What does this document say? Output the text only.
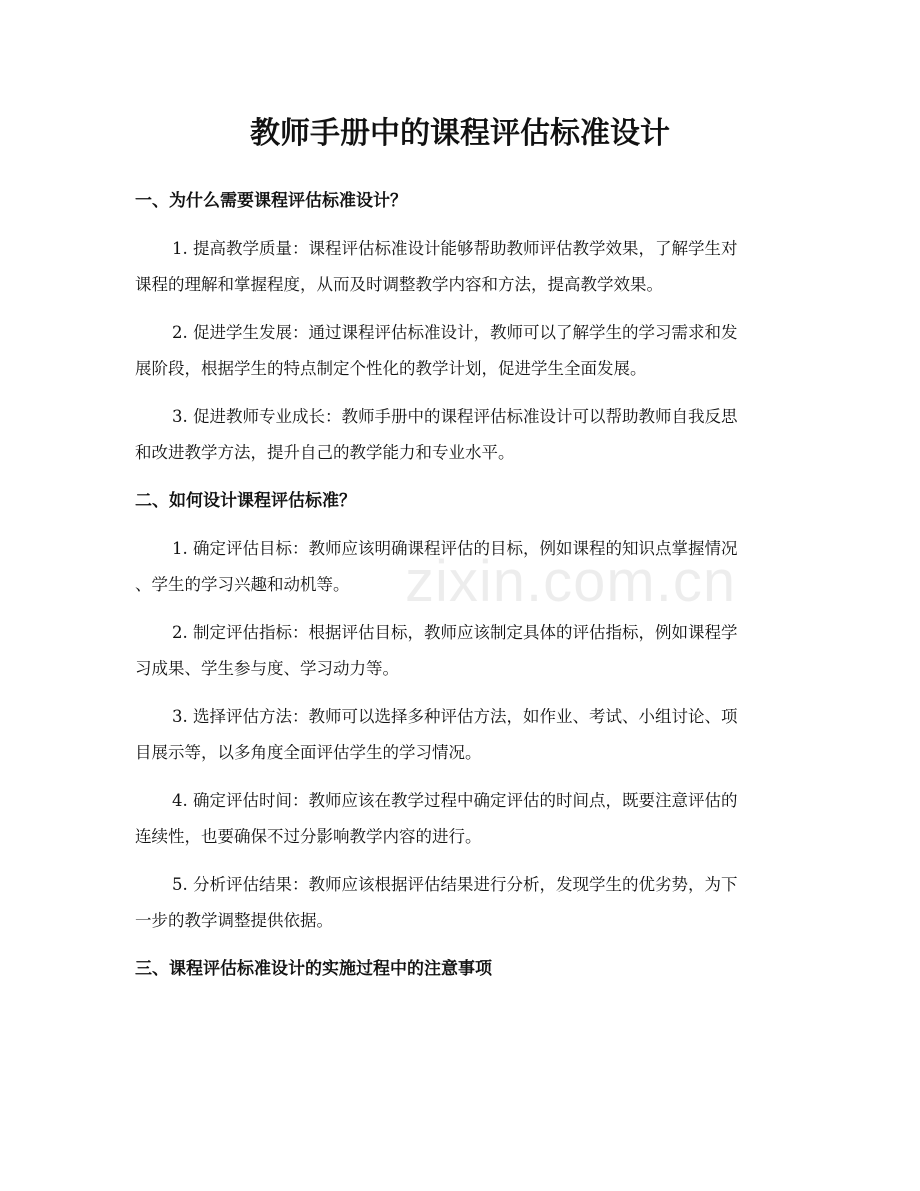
教师手册中的课程评估标准设计
一、为什么需要课程评估标准设计？

1. 提高教学质量：课程评估标准设计能够帮助教师评估教学效果，了解学生对
课程的理解和掌握程度，从而及时调整教学内容和方法，提高教学效果。

2. 促进学生发展：通过课程评估标准设计，教师可以了解学生的学习需求和发
展阶段，根据学生的特点制定个性化的教学计划，促进学生全面发展。

3. 促进教师专业成长：教师手册中的课程评估标准设计可以帮助教师自我反思
和改进教学方法，提升自己的教学能力和专业水平。

二、如何设计课程评估标准？

1. 确定评估目标：教师应该明确课程评估的目标，例如课程的知识点掌握情况
、学生的学习兴趣和动机等。

2. 制定评估指标：根据评估目标，教师应该制定具体的评估指标，例如课程学
习成果、学生参与度、学习动力等。

3. 选择评估方法：教师可以选择多种评估方法，如作业、考试、小组讨论、项
目展示等，以多角度全面评估学生的学习情况。

4. 确定评估时间：教师应该在教学过程中确定评估的时间点，既要注意评估的
连续性，也要确保不过分影响教学内容的进行。

5. 分析评估结果：教师应该根据评估结果进行分析，发现学生的优劣势，为下
一步的教学调整提供依据。

三、课程评估标准设计的实施过程中的注意事项
zixin.com.cn
